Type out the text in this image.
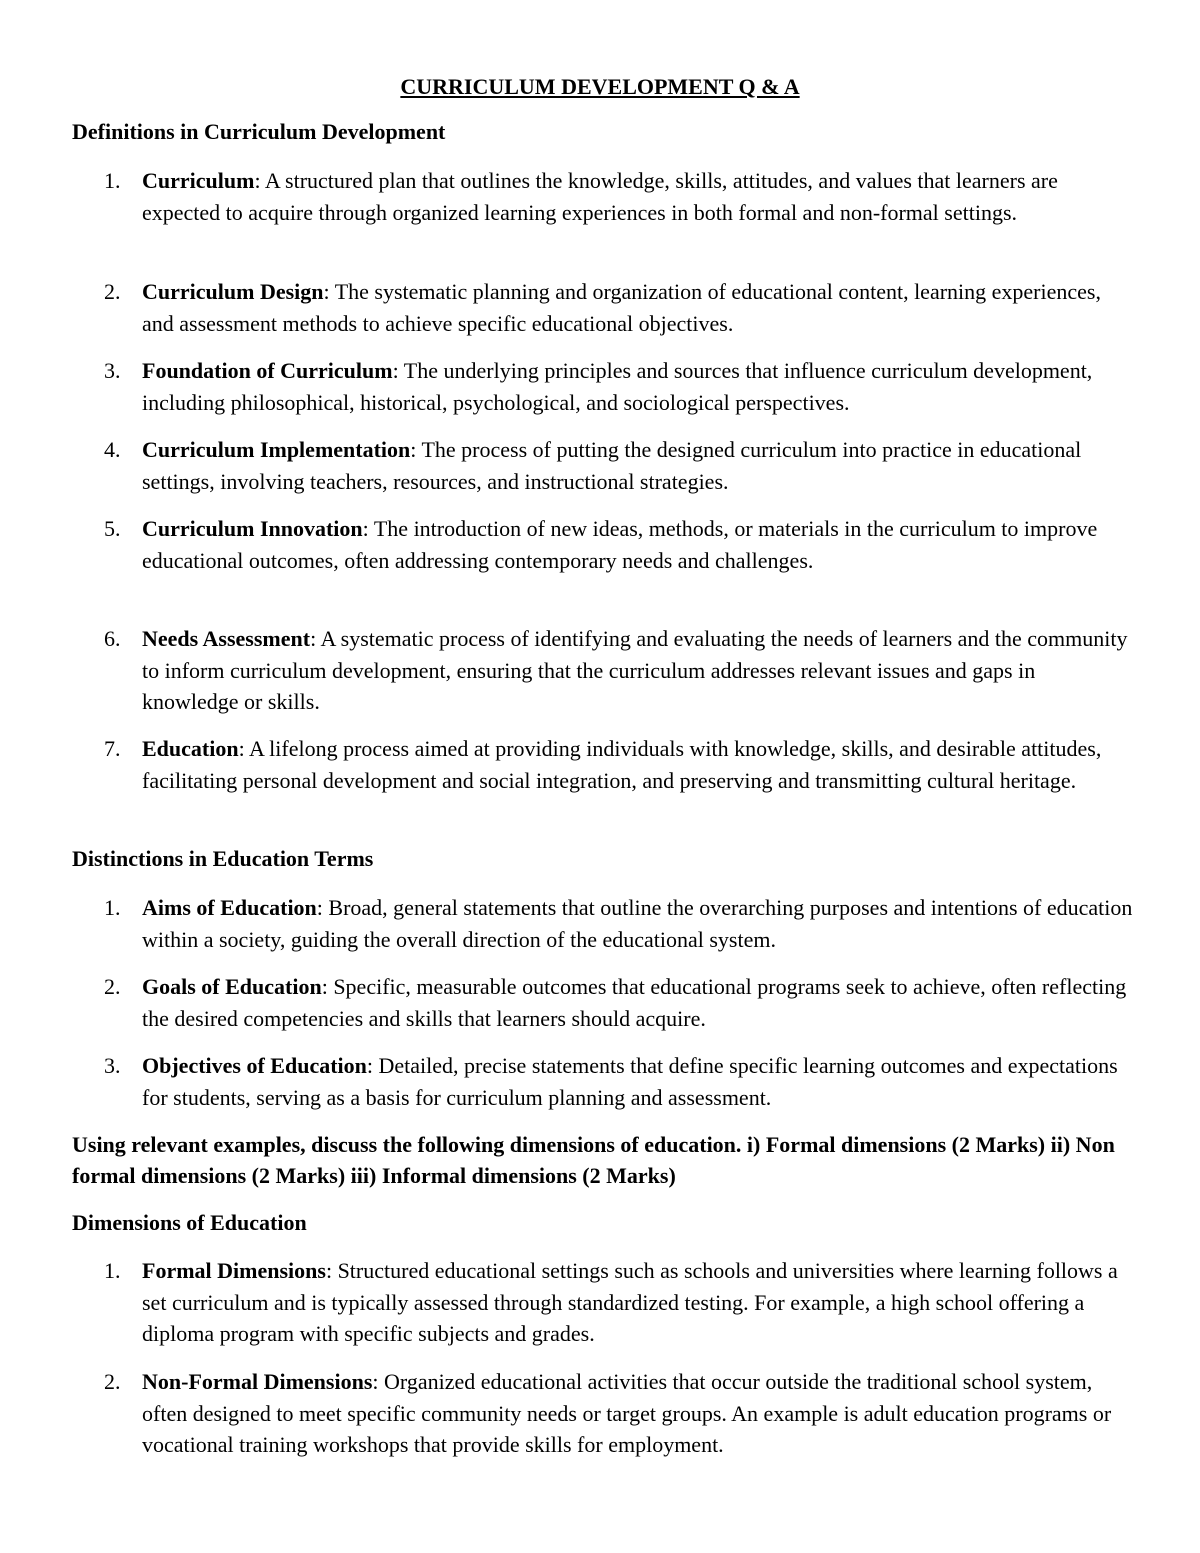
CURRICULUM DEVELOPMENT Q & A
Definitions in Curriculum Development
1. Curriculum: A structured plan that outlines the knowledge, skills, attitudes, and values that learners are expected to acquire through organized learning experiences in both formal and non-formal settings.
2. Curriculum Design: The systematic planning and organization of educational content, learning experiences, and assessment methods to achieve specific educational objectives.
3. Foundation of Curriculum: The underlying principles and sources that influence curriculum development, including philosophical, historical, psychological, and sociological perspectives.
4. Curriculum Implementation: The process of putting the designed curriculum into practice in educational settings, involving teachers, resources, and instructional strategies.
5. Curriculum Innovation: The introduction of new ideas, methods, or materials in the curriculum to improve educational outcomes, often addressing contemporary needs and challenges.
6. Needs Assessment: A systematic process of identifying and evaluating the needs of learners and the community to inform curriculum development, ensuring that the curriculum addresses relevant issues and gaps in knowledge or skills.
7. Education: A lifelong process aimed at providing individuals with knowledge, skills, and desirable attitudes, facilitating personal development and social integration, and preserving and transmitting cultural heritage.
Distinctions in Education Terms
1. Aims of Education: Broad, general statements that outline the overarching purposes and intentions of education within a society, guiding the overall direction of the educational system.
2. Goals of Education: Specific, measurable outcomes that educational programs seek to achieve, often reflecting the desired competencies and skills that learners should acquire.
3. Objectives of Education: Detailed, precise statements that define specific learning outcomes and expectations for students, serving as a basis for curriculum planning and assessment.
Using relevant examples, discuss the following dimensions of education. i) Formal dimensions (2 Marks) ii) Non formal dimensions (2 Marks) iii) Informal dimensions (2 Marks)
Dimensions of Education
1. Formal Dimensions: Structured educational settings such as schools and universities where learning follows a set curriculum and is typically assessed through standardized testing. For example, a high school offering a diploma program with specific subjects and grades.
2. Non-Formal Dimensions: Organized educational activities that occur outside the traditional school system, often designed to meet specific community needs or target groups. An example is adult education programs or vocational training workshops that provide skills for employment.
